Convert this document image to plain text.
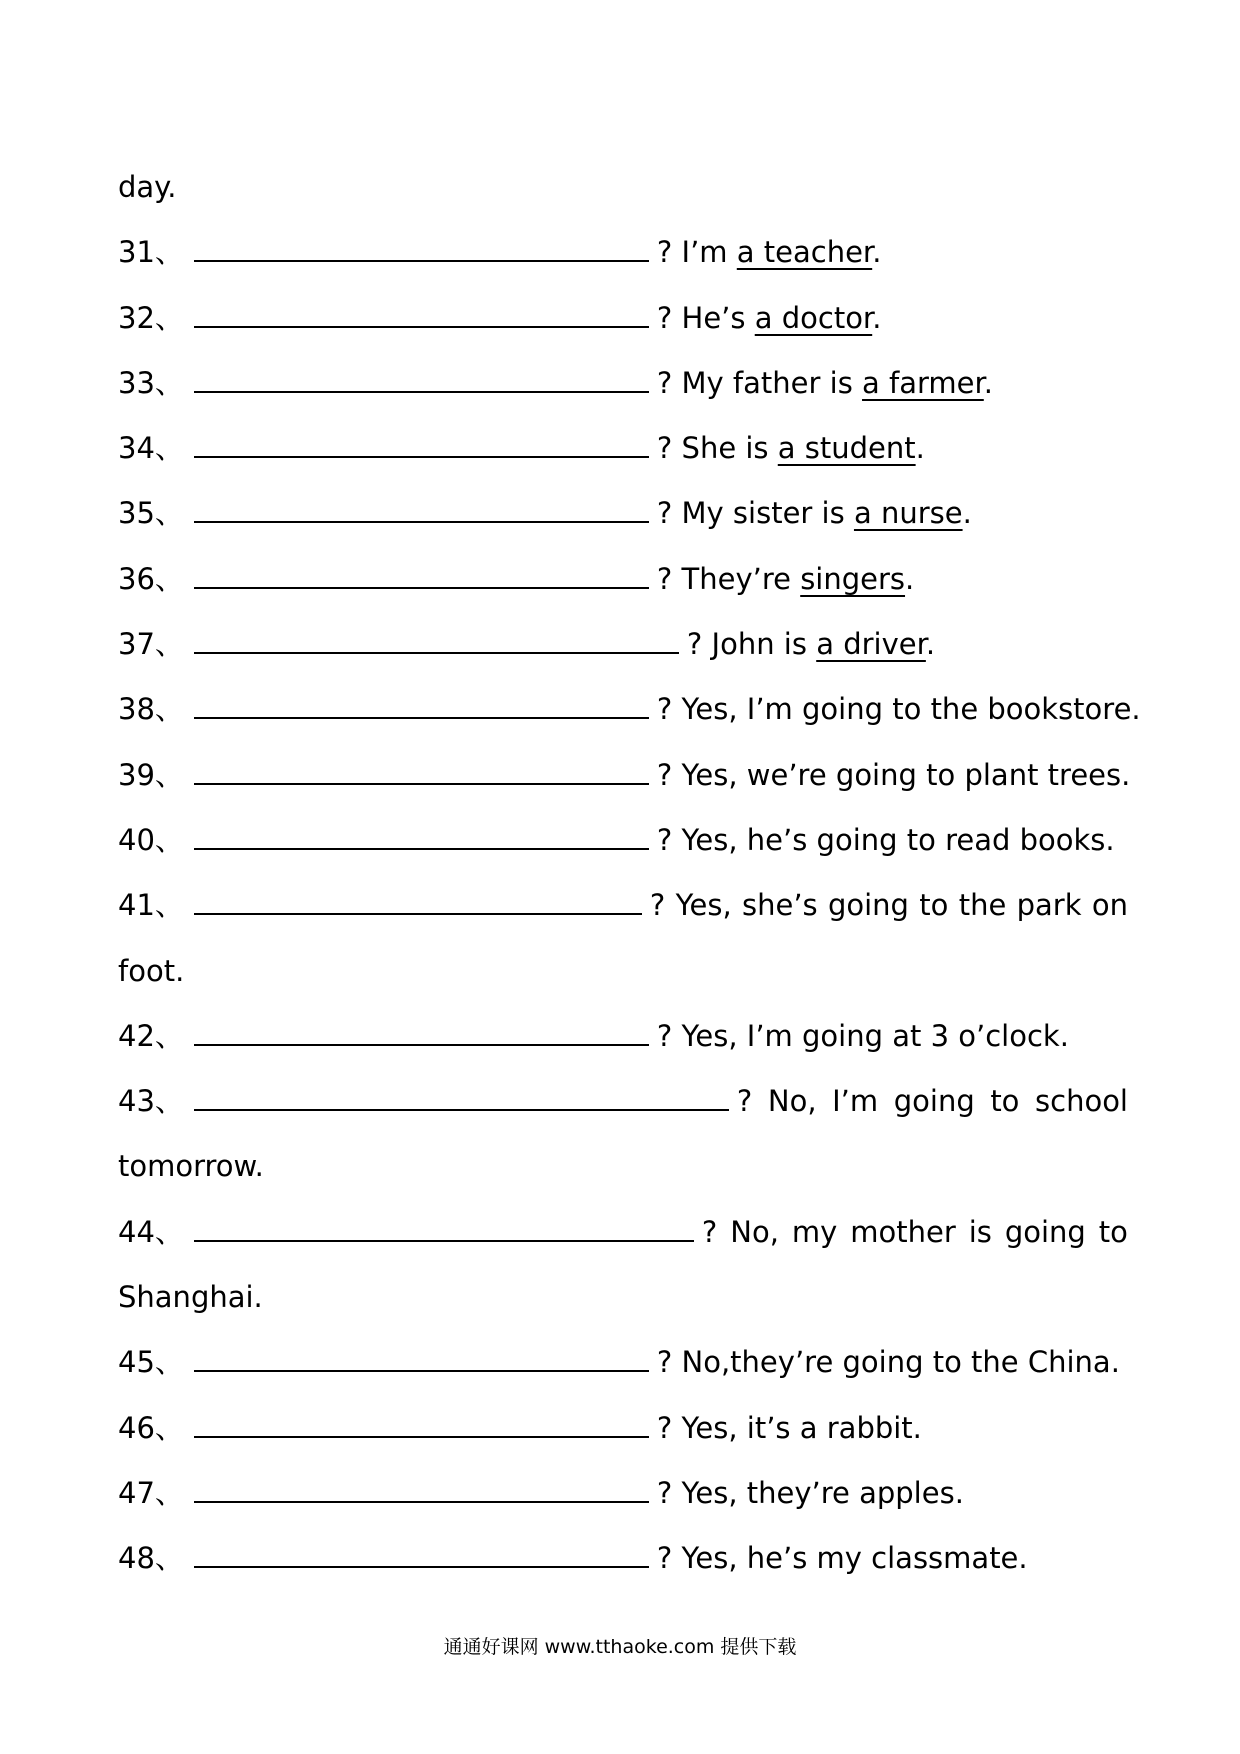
day.
31、	? I’m a teacher.
32、	? He’s a doctor.
33、	? My father is a farmer.
34、	? She is a student.
35、	? My sister is a nurse.
36、	? They’re singers.
37、	? John is a driver.
38、	? Yes, I’m going to the bookstore.
39、	? Yes, we’re going to plant trees.
40、	? Yes, he’s going to read books.
41、	? Yes, she’s going to the park on
foot.
42、	? Yes, I’m going at 3 o’clock.
43、	? No, I’m going to school
tomorrow.
44、	? No, my mother is going to
Shanghai.
45、	? No,they’re going to the China.
46、	? Yes, it’s a rabbit.
47、	? Yes, they’re apples.
48、	? Yes, he’s my classmate.
通通好课网 www.tthaoke.com 提供下载
